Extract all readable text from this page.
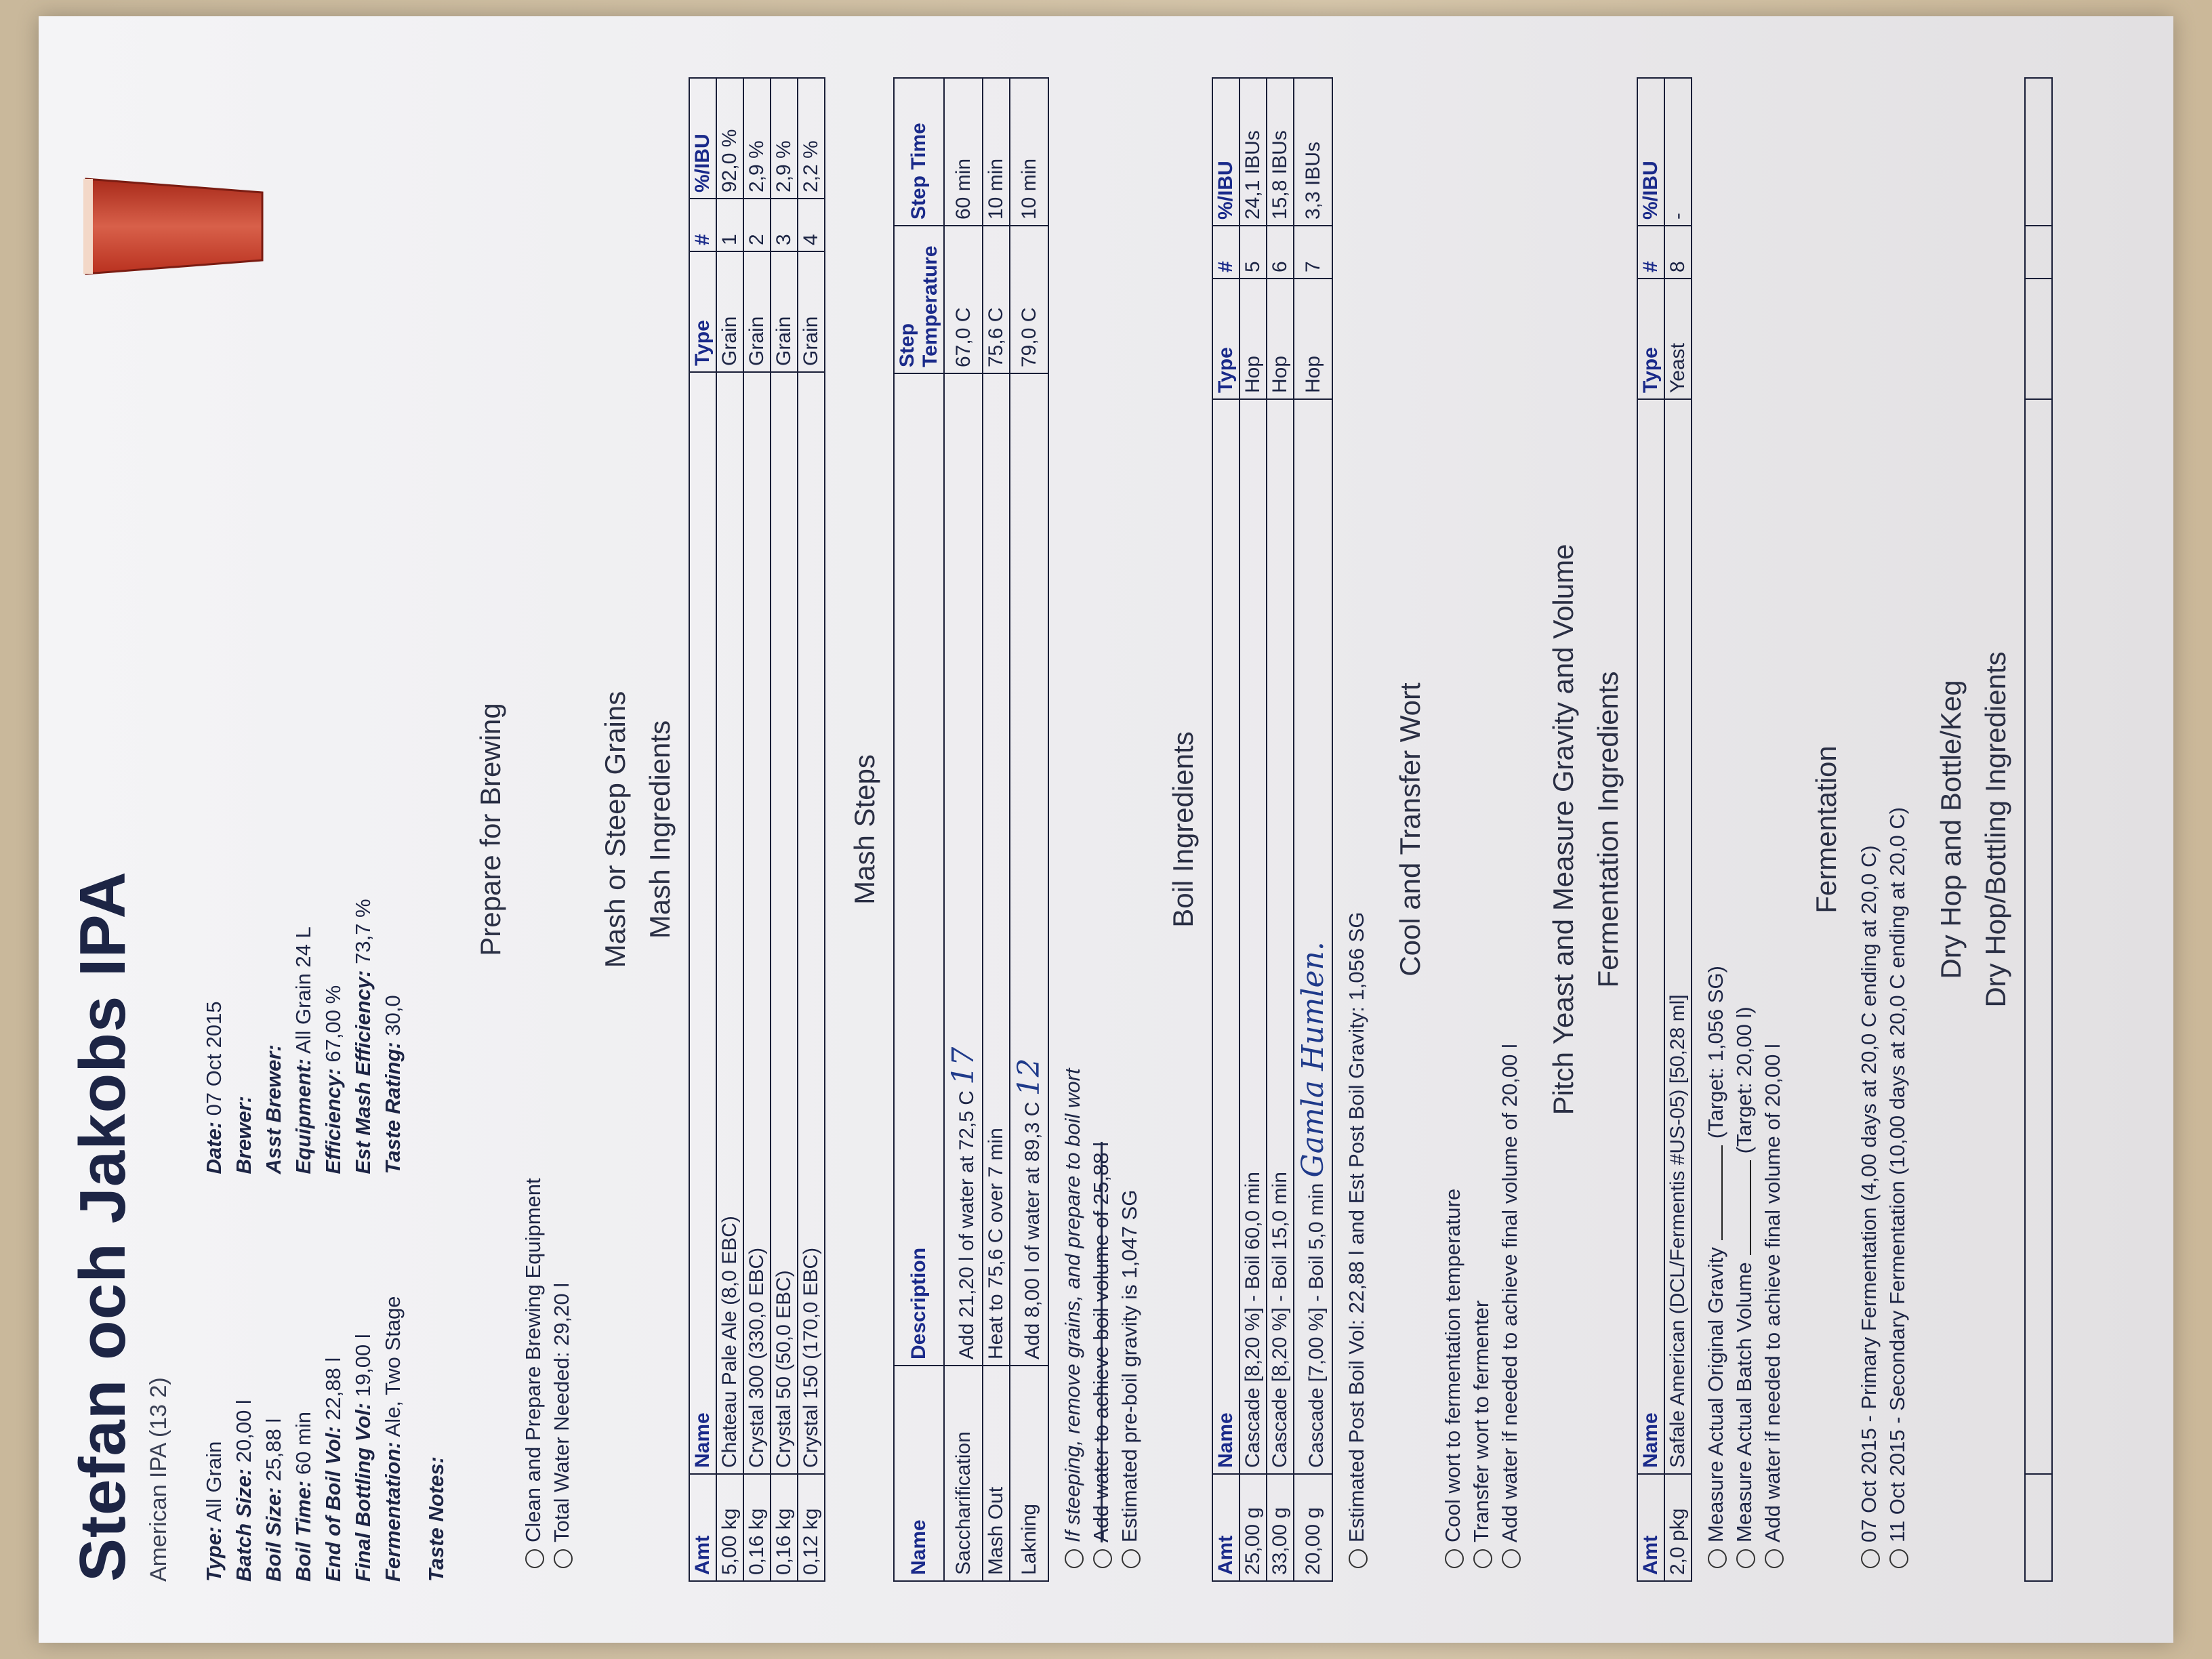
Stefan och Jakobs IPA American IPA (13 2) Type: All Grain Batch Size: 20,00 l
Boil Size: 25,88 l
Boil Time: 60 min End of Boil Vol: 22,88 l
Final Bottling Vol: 19,00 l
Fermentation: Ale, Two Stage
Taste Notes:
Date: 07 Oct 2015
Brewer: Asst Brewer: Equipment: All Grain 24 L
Efficiency: 67,00 % Est Mash Efficiency: 73,7 %
Taste Rating: 30,0
Prepare for Brewing
Clean and Prepare Brewing Equipment Total Water Needed: 29,20 l
Mash or Steep Grains Mash Ingredients
Amt	Name	Type	#	%/IBU
5,00 kg	Chateau Pale Ale (8,0 EBC)	Grain	1	92,0 %
0,16 kg	Crystal 300 (330,0 EBC)	Grain	2	2,9 %
0,16 kg	Crystal 50 (50,0 EBC)	Grain	3	2,9 %
0,12 kg	Crystal 150 (170,0 EBC)	Grain	4	2,2 %
Mash Steps
Name	Description	Step Temperature	Step Time
Saccharification	Add 21,20 l of water at 72,5 C 17	67,0 C	60 min
Mash Out	Heat to 75,6 C over 7 min	75,6 C	10 min
Lakning	Add 8,00 l of water at 89,3 C 12	79,0 C	10 min
If steeping, remove grains, and prepare to boil wort Add water to achieve boil volume of 25,88 l Estimated pre-boil gravity is 1,047 SG
Boil Ingredients
Amt	Name	Type	#	%/IBU
25,00 g	Cascade [8,20 %] - Boil 60,0 min	Hop	5	24,1 IBUs
33,00 g	Cascade [8,20 %] - Boil 15,0 min	Hop	6	15,8 IBUs
20,00 g	Cascade [7,00 %] - Boil 5,0 min Gamla Humlen.	Hop	7	3,3 IBUs
Estimated Post Boil Vol: 22,88 l and Est Post Boil Gravity: 1,056 SG
Cool and Transfer Wort
Cool wort to fermentation temperature Transfer wort to fermenter Add water if needed to achieve final volume of 20,00 l
Pitch Yeast and Measure Gravity and Volume Fermentation Ingredients
Amt	Name	Type	#	%/IBU
2,0 pkg	Safale American (DCL/Fermentis #US-05) [50,28 ml]	Yeast	8	-
Measure Actual Original Gravity(Target: 1,056 SG)
Measure Actual Batch Volume(Target: 20,00 l) Add water if needed to achieve final volume of 20,00 l
Fermentation
07 Oct 2015 - Primary Fermentation (4,00 days at 20,0 C ending at 20,0 C) 11 Oct 2015 - Secondary Fermentation (10,00 days at 20,0 C ending at 20,0 C) Dry Hop and Bottle/Keg Dry Hop/Bottling Ingredients
